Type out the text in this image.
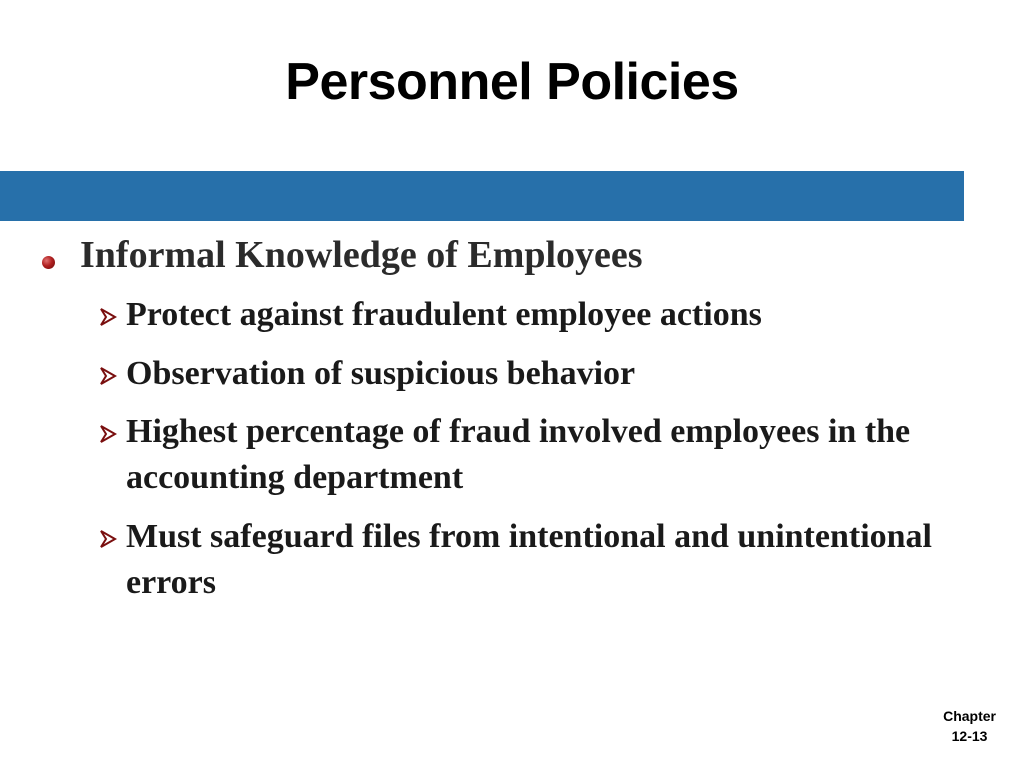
Personnel Policies
Informal Knowledge of Employees
Protect against fraudulent employee actions
Observation of suspicious behavior
Highest percentage of fraud involved employees in the accounting department
Must safeguard files from intentional and unintentional errors
Chapter
12-13
